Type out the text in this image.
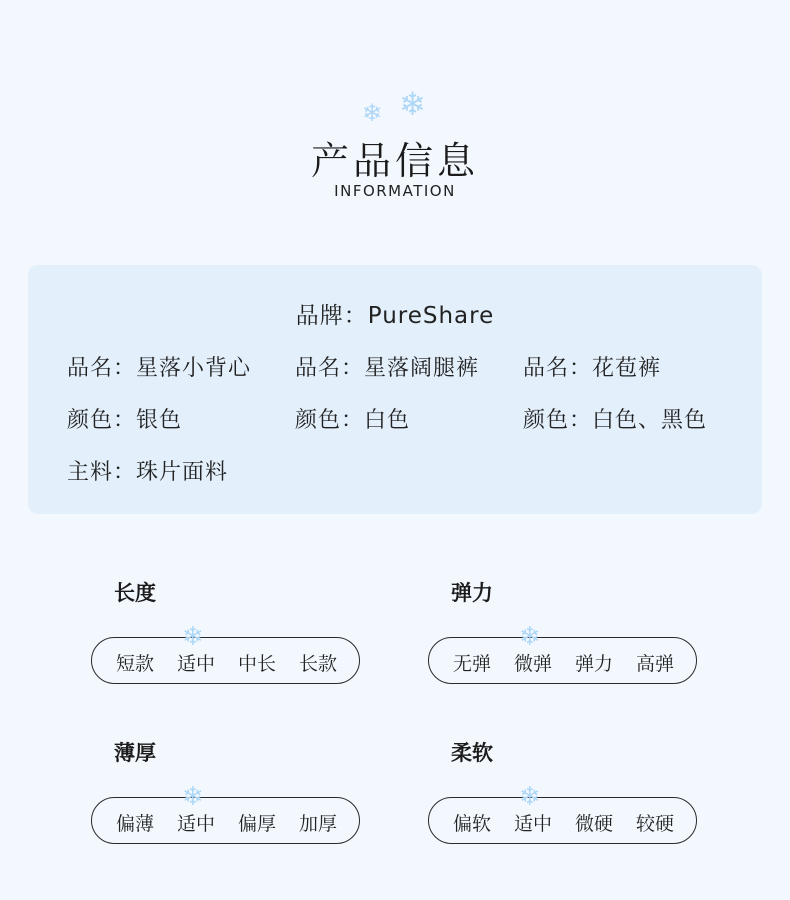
❄ ❄
产品信息
INFORMATION
品牌：PureShare
品名：星落小背心 品名：星落阔腿裤 品名：花苞裤
颜色：银色	颜色：白色	颜色：白色、黑色
主料：珠片面料
长度
❄
短款	适中	中长	长款
弹力
❄
无弹	微弹	弹力	高弹
薄厚
❄
偏薄	适中	偏厚	加厚
柔软
❄
偏软	适中	微硬	较硬
